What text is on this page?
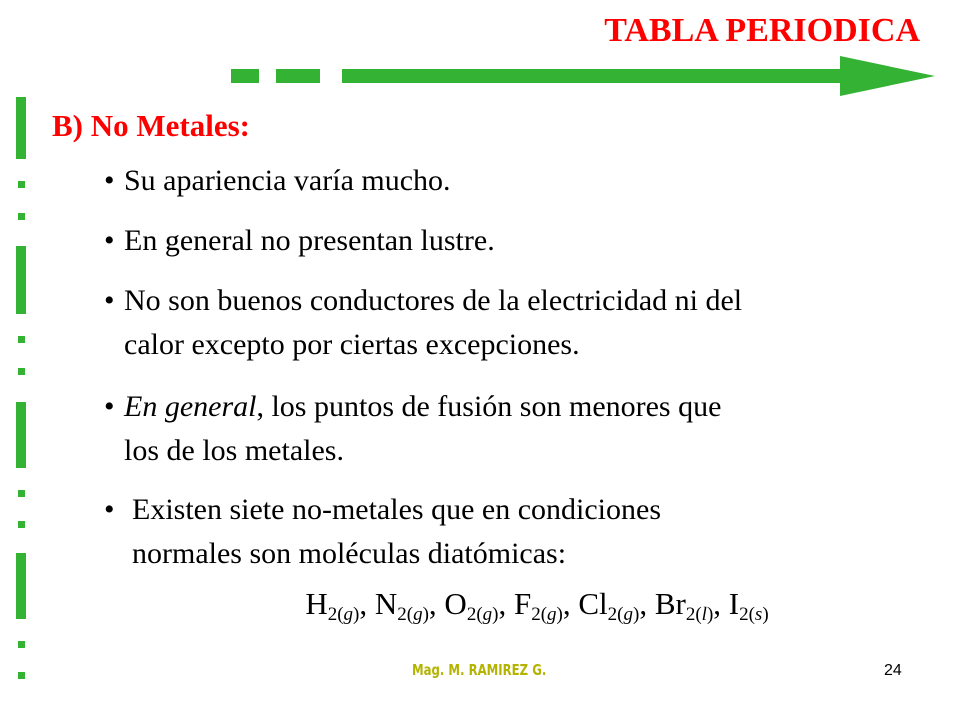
TABLA PERIODICA
B) No Metales:
• Su apariencia varía mucho.
• En general no presentan lustre.
• No son buenos conductores de la electricidad ni del
calor excepto por ciertas excepciones.
• En general, los puntos de fusión son menores que
los de los metales.
• Existen siete no-metales que en condiciones
normales son moléculas diatómicas:
$H_{2(g)}$, $N_{2(g)}$, $O_{2(g)}$, $F_{2(g)}$, $Cl_{2(g)}$, $Br_{2(l)}$, $I_{2(s)}$
Mag. M. RAMIREZ G.	24
